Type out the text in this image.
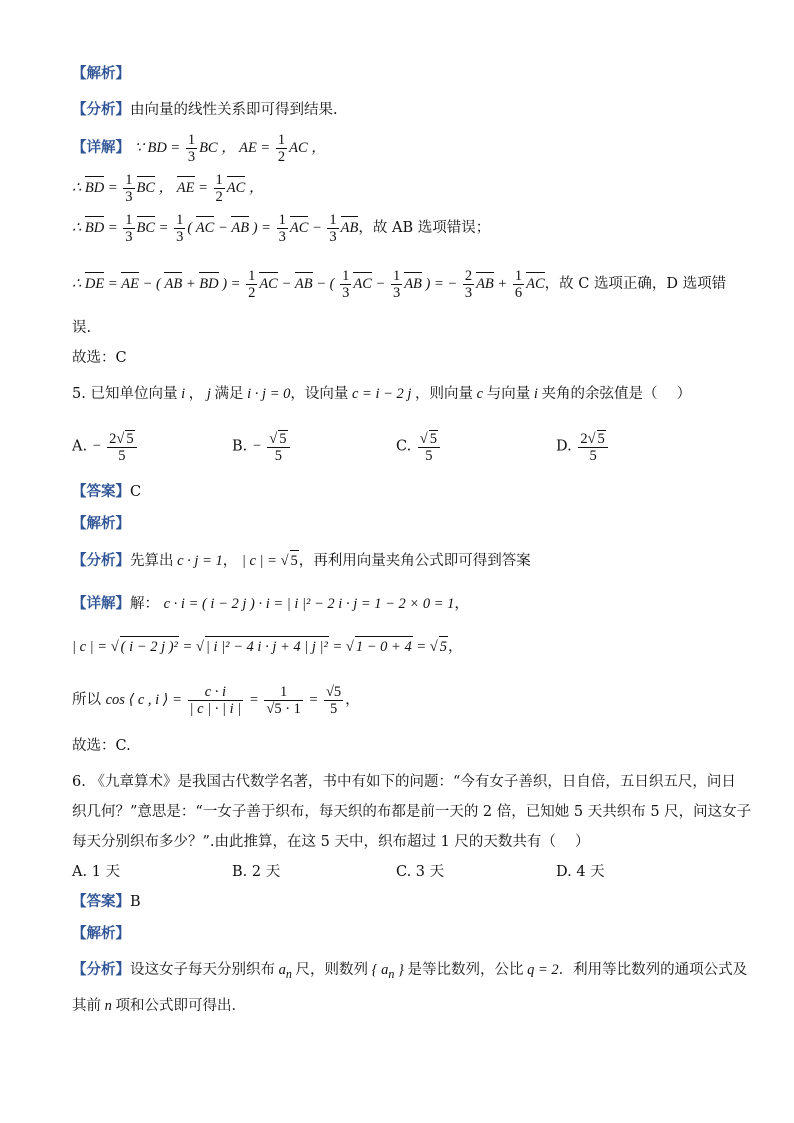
【解析】
【分析】由向量的线性关系即可得到结果.
【详解】 ∵ BD = $\frac{1}{3}$ BC ， AE = $\frac{1}{2}$ AC ，
∴ BD = $\frac{1}{3}$ BC ， AE = $\frac{1}{2}$ AC ，
∴ BD = $\frac{1}{3}$ BC = $\frac{1}{3}$ ( AC − AB ) = $\frac{1}{3}$ AC − $\frac{1}{3}$ AB，故 AB 选项错误；
∴ DE = AE − ( AB + BD ) = $\frac{1}{2}$ AC − AB − ( $\frac{1}{3}$ AC − $\frac{1}{3}$ AB ) = − $\frac{2}{3}$ AB + $\frac{1}{6}$ AC，故 C 选项正确，D 选项错
误.
故选：C
5. 已知单位向量 i ， j 满足 i · j = 0，设向量 c = i − 2 j ，则向量 c 与向量 i 夹角的余弦值是（　 ）
A. − $\frac{2√ 5}{5}$	B. − $\frac{√ 5}{5}$	C. $\frac{√ 5}{5}$	D. $\frac{2√ 5}{5}$
【答案】C
【解析】
【分析】先算出 c · j = 1， | c | = √ 5，再利用向量夹角公式即可得到答案
【详解】解： c · i = ( i − 2 j ) · i = | i |² − 2 i · j = 1 − 2 × 0 = 1，
| c | = √ ( i − 2 j )² = √ | i |² − 4 i · j + 4 | j |² = √ 1 − 0 + 4 = √ 5，
所以 cos ⟨ c , i ⟩ = $\frac{c \cdot i}{| c | \cdot | i |} = \frac{1}{√5 \cdot 1} = \frac{√5}{5}$ ，
故选：C.
6. 《九章算术》是我国古代数学名著，书中有如下的问题：“今有女子善织，日自倍，五日织五尺，问日
织几何？”意思是：“一女子善于织布，每天织的布都是前一天的 2 倍，已知她 5 天共织布 5 尺，问这女子
每天分别织布多少？”.由此推算，在这 5 天中，织布超过 1 尺的天数共有（　 ）
A. 1 天	B. 2 天	C. 3 天	D. 4 天
【答案】B
【解析】
【分析】设这女子每天分别织布 $a_n$ 尺，则数列 { $a_n$ } 是等比数列，公比 q = 2．利用等比数列的通项公式及
其前 n 项和公式即可得出．
